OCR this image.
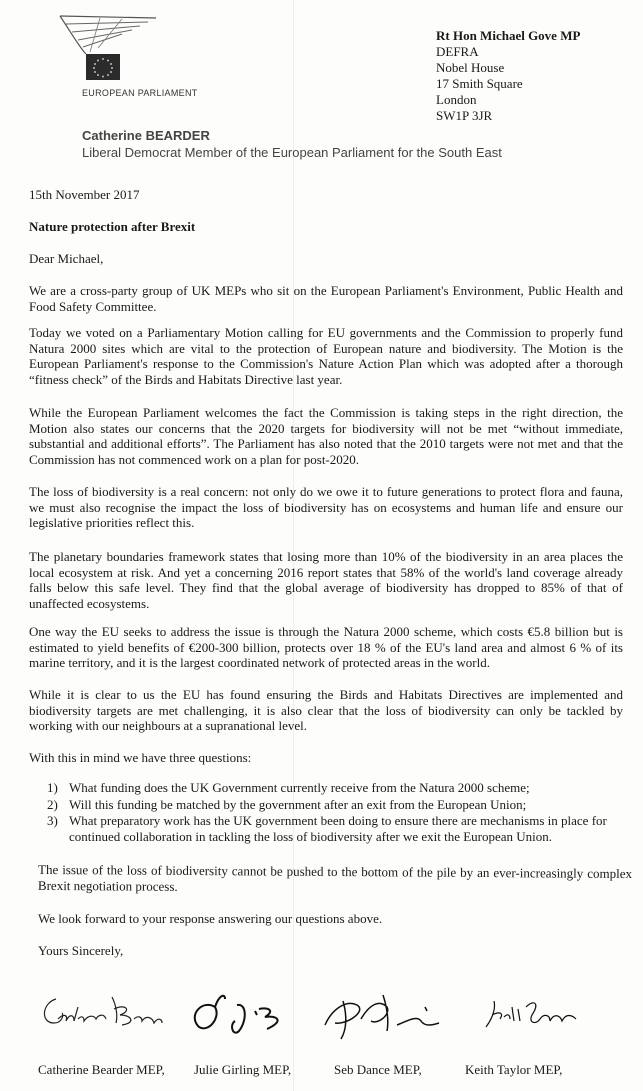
EUROPEAN PARLIAMENT
Catherine BEARDER
Liberal Democrat Member of the European Parliament for the South East
Rt Hon Michael Gove MP
DEFRA
Nobel House
17 Smith Square
London
SW1P 3JR
15th November 2017
Nature protection after Brexit
Dear Michael,
We are a cross-party group of UK MEPs who sit on the European Parliament's Environment, Public Health and Food Safety Committee.
Today we voted on a Parliamentary Motion calling for EU governments and the Commission to properly fund Natura 2000 sites which are vital to the protection of European nature and biodiversity. The Motion is the European Parliament's response to the Commission's Nature Action Plan which was adopted after a thorough “fitness check” of the Birds and Habitats Directive last year.
While the European Parliament welcomes the fact the Commission is taking steps in the right direction, the Motion also states our concerns that the 2020 targets for biodiversity will not be met “without immediate, substantial and additional efforts”. The Parliament has also noted that the 2010 targets were not met and that the Commission has not commenced work on a plan for post-2020.
The loss of biodiversity is a real concern: not only do we owe it to future generations to protect flora and fauna, we must also recognise the impact the loss of biodiversity has on ecosystems and human life and ensure our legislative priorities reflect this.
The planetary boundaries framework states that losing more than 10% of the biodiversity in an area places the local ecosystem at risk. And yet a concerning 2016 report states that 58% of the world's land coverage already falls below this safe level. They find that the global average of biodiversity has dropped to 85% of that of unaffected ecosystems.
One way the EU seeks to address the issue is through the Natura 2000 scheme, which costs €5.8 billion but is estimated to yield benefits of €200-300 billion, protects over 18 % of the EU's land area and almost 6 % of its marine territory, and it is the largest coordinated network of protected areas in the world.
While it is clear to us the EU has found ensuring the Birds and Habitats Directives are implemented and biodiversity targets are met challenging, it is also clear that the loss of biodiversity can only be tackled by working with our neighbours at a supranational level.
With this in mind we have three questions:
1) What funding does the UK Government currently receive from the Natura 2000 scheme;
2) Will this funding be matched by the government after an exit from the European Union;
3) What preparatory work has the UK government been doing to ensure there are mechanisms in place for continued collaboration in tackling the loss of biodiversity after we exit the European Union.
The issue of the loss of biodiversity cannot be pushed to the bottom of the pile by an ever-increasingly complex Brexit negotiation process.
We look forward to your response answering our questions above.
Yours Sincerely,
Catherine Bearder MEP, Julie Girling MEP,	Seb Dance MEP,	Keith Taylor MEP,
